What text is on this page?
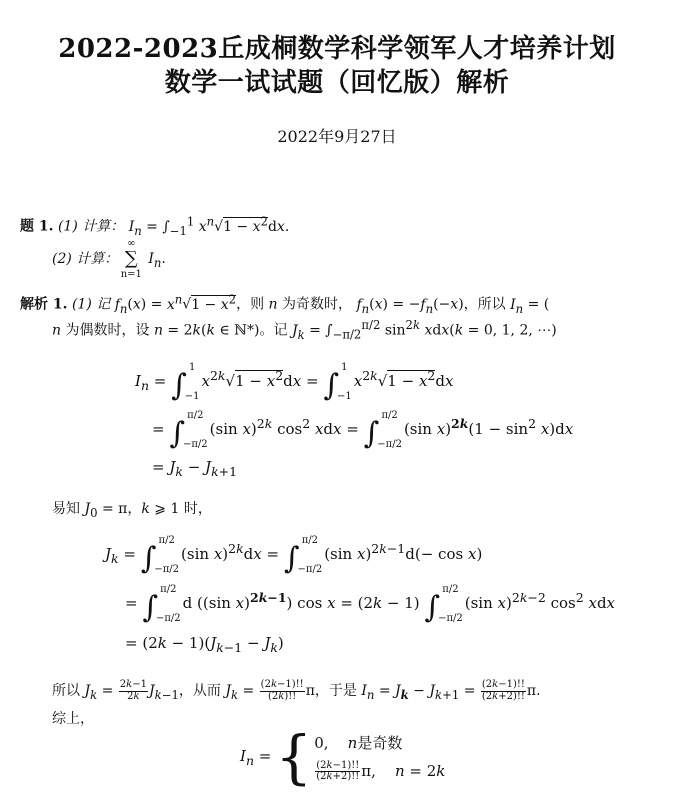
2022-2023丘成桐数学科学领军人才培养计划
数学一试试题（回忆版）解析
2022年9月27日
题 1. (1) 计算： $I_n = \int_{-1}^1$ $x^n√1 - x^2dx$.
(2) 计算：
∞
∑
n=1
$I_n$.
解析 1. (1) 记 $f_n(x) = x^n√1 - x^2$，则 n 为奇数时， $f_n(x) = -f_n(-x)$，所以 $I_n$ = (
n 为偶数时，设 n = 2k(k ∈ ℕ*)。记 $J_k = \int_{-\pi/2}^{\pi/2}$ $\sin^{2k} xdx(k = 0$, 1, 2, ⋯)
$I_n$ = ∫
1
−1
$x^{2k}√1 - x^2dx$ = ∫
1
−1
$x^{2k}√1 - x^2dx$
= ∫
π/2
−π/2
(sin x)$^{2k}$ $\cos^2$ xdx = ∫
π/2
−π/2
(sin $x)^{2k}(1 - \sin^2 x)dx$
= $J_k - J_{k+1}$
易知 $J_0 = \pi$，k ⩾ 1 时，
$J_k$ = ∫
π/2
−π/2
(sin x)$^{2k}$dx = ∫
π/2
−π/2
(sin x)$^{2k-1}$d(− cos x)
= ∫
π/2
−π/2
d ((sin x)$^{2k-1}$) cos x = (2k − 1) ∫
π/2
−π/2
(sin x)$^{2k-2}$ $\cos^2$ xdx
= $(2k - 1)(J_{k-1} - J_k)$
所以 $J_k = \frac{2k-1}{2k} J_{k-1}$，从而 $J_k = \frac{(2k-1)!!}{(2k)!!}$ π，于是 $I_n = J_k - J_{k+1} = \frac{(2k-1)!!}{(2k+2)!!} \pi$.
综上，
$I_n$ = { 0,    n是奇数
$\frac{(2k-1)!!}{(2k+2)!!} \pi$,    n = 2k
